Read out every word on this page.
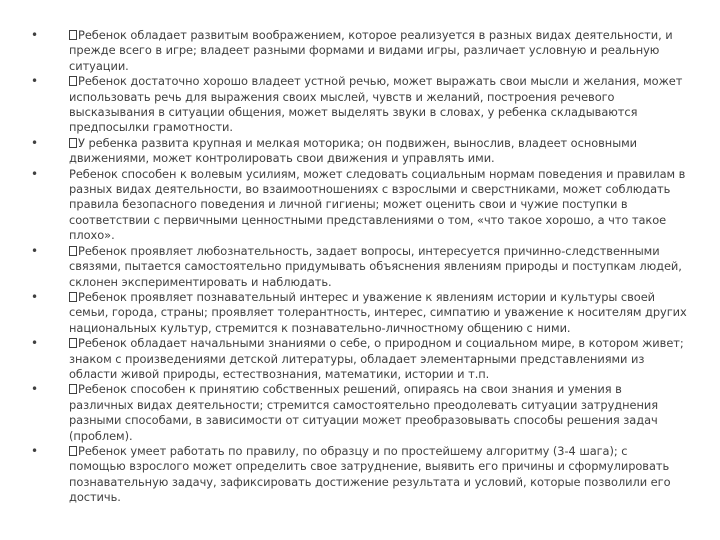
•	Ребенок обладает развитым воображением, которое реализуется в разных видах деятельности, и прежде всего в игре; владеет разными формами и видами игры, различает условную и реальную ситуации.
•	Ребенок достаточно хорошо владеет устной речью, может выражать свои мысли и желания, может использовать речь для выражения своих мыслей, чувств и желаний, построения речевого высказывания в ситуации общения, может выделять звуки в словах, у ребенка складываются предпосылки грамотности.
•	У ребенка развита крупная и мелкая моторика; он подвижен, вынослив, владеет основными движениями, может контролировать свои движения и управлять ими.
•	Ребенок способен к волевым усилиям, может следовать социальным нормам поведения и правилам в разных видах деятельности, во взаимоотношениях с взрослыми и сверстниками, может соблюдать правила безопасного поведения и личной гигиены; может оценить свои и чужие поступки в соответствии с первичными ценностными представлениями о том, «что такое хорошо, а что такое плохо».
•	Ребенок проявляет любознательность, задает вопросы, интересуется причинно-следственными связями, пытается самостоятельно придумывать объяснения явлениям природы и поступкам людей, склонен экспериментировать и наблюдать.
•	Ребенок проявляет познавательный интерес и уважение к явлениям истории и культуры своей семьи, города, страны; проявляет толерантность, интерес, симпатию и уважение к носителям других национальных культур, стремится к познавательно-личностному общению с ними.
•	Ребенок обладает начальными знаниями о себе, о природном и социальном мире, в котором живет; знаком с произведениями детской литературы, обладает элементарными представлениями из области живой природы, естествознания, математики, истории и т.п.
•	Ребенок способен к принятию собственных решений, опираясь на свои знания и умения в различных видах деятельности; стремится самостоятельно преодолевать ситуации затруднения разными способами, в зависимости от ситуации может преобразовывать способы решения задач (проблем).
•	Ребенок умеет работать по правилу, по образцу и по простейшему алгоритму (3-4 шага); с помощью взрослого может определить свое затруднение, выявить его причины и сформулировать познавательную задачу, зафиксировать достижение результата и условий, которые позволили его достичь.
